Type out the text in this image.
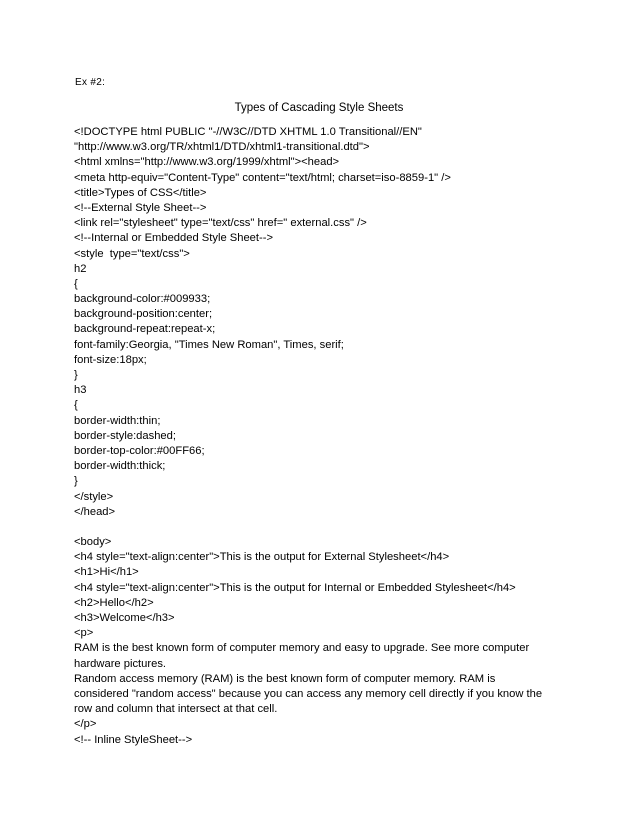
Ex #2:
Types of Cascading Style Sheets
<!DOCTYPE html PUBLIC "-//W3C//DTD XHTML 1.0 Transitional//EN"
"http://www.w3.org/TR/xhtml1/DTD/xhtml1-transitional.dtd">
<html xmlns="http://www.w3.org/1999/xhtml"><head>
<meta http-equiv="Content-Type" content="text/html; charset=iso-8859-1" />
<title>Types of CSS</title>
<!--External Style Sheet-->
<link rel="stylesheet" type="text/css" href=" external.css" />
<!--Internal or Embedded Style Sheet-->
<style  type="text/css">
h2
{
background-color:#009933;
background-position:center;
background-repeat:repeat-x;
font-family:Georgia, "Times New Roman", Times, serif;
font-size:18px;
}
h3
{
border-width:thin;
border-style:dashed;
border-top-color:#00FF66;
border-width:thick;
}
</style>
</head>
<body>
<h4 style="text-align:center">This is the output for External Stylesheet</h4>
<h1>Hi</h1>
<h4 style="text-align:center">This is the output for Internal or Embedded Stylesheet</h4>
<h2>Hello</h2>
<h3>Welcome</h3>
<p>
RAM is the best known form of computer memory and easy to upgrade. See more computer
hardware pictures.
Random access memory (RAM) is the best known form of computer memory. RAM is
considered "random access" because you can access any memory cell directly if you know the
row and column that intersect at that cell.
</p>
<!-- Inline StyleSheet-->
